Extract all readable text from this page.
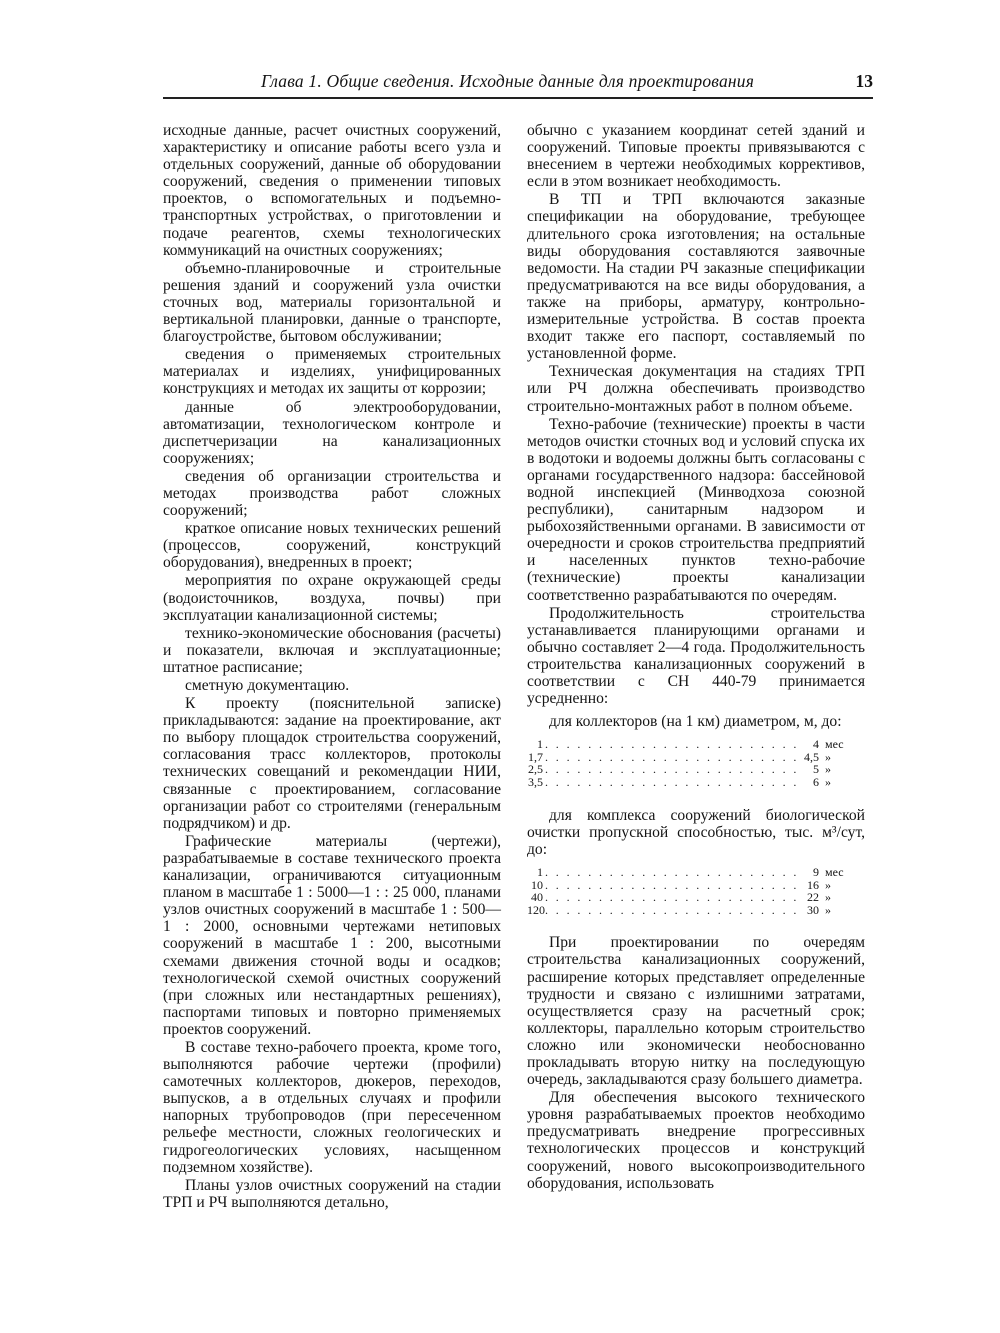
Глава 1. Общие сведения. Исходные данные для проектирования	13

исходные данные, расчет очистных сооружений, характеристику и описание работы всего узла и отдельных сооружений, данные об оборудовании сооружений, сведения о применении типовых проектов, о вспомогательных и подъемно-транспортных устройствах, о приготовлении и подаче реагентов, схемы технологических коммуникаций на очистных сооружениях;

объемно-планировочные и строительные решения зданий и сооружений узла очистки сточных вод, материалы горизонтальной и вертикальной планировки, данные о транспорте, благоустройстве, бытовом обслуживании;

сведения о применяемых строительных материалах и изделиях, унифицированных конструкциях и методах их защиты от коррозии;

данные об электрооборудовании, автоматизации, технологическом контроле и диспетчеризации на канализационных сооружениях;

сведения об организации строительства и методах производства работ сложных сооружений;

краткое описание новых технических решений (процессов, сооружений, конструкций оборудования), внедренных в проект;

мероприятия по охране окружающей среды (водоисточников, воздуха, почвы) при эксплуатации канализационной системы;

технико-экономические обоснования (расчеты) и показатели, включая и эксплуатационные; штатное расписание;

сметную документацию.

К проекту (пояснительной записке) прикладываются: задание на проектирование, акт по выбору площадок строительства сооружений, согласования трасс коллекторов, протоколы технических совещаний и рекомендации НИИ, связанные с проектированием, согласование организации работ со строителями (генеральным подрядчиком) и др.

Графические материалы (чертежи), разрабатываемые в составе технического проекта канализации, ограничиваются ситуационным планом в масштабе 1 : 5000—1 : : 25 000, планами узлов очистных сооружений в масштабе 1 : 500—1 : 2000, основными чертежами нетиповых сооружений в масштабе 1 : 200, высотными схемами движения сточной воды и осадков; технологической схемой очистных сооружений (при сложных или нестандартных решениях), паспортами типовых и повторно применяемых проектов сооружений.

В составе техно-рабочего проекта, кроме того, выполняются рабочие чертежи (профили) самотечных коллекторов, дюкеров, переходов, выпусков, а в отдельных случаях и профили напорных трубопроводов (при пересеченном рельефе местности, сложных геологических и гидрогеологических условиях, насыщенном подземном хозяйстве).

Планы узлов очистных сооружений на стадии ТРП и РЧ выполняются детально,

обычно с указанием координат сетей зданий и сооружений. Типовые проекты привязываются с внесением в чертежи необходимых коррективов, если в этом возникает необходимость.

В ТП и ТРП включаются заказные спецификации на оборудование, требующее длительного срока изготовления; на остальные виды оборудования составляются заявочные ведомости. На стадии РЧ заказные спецификации предусматриваются на все виды оборудования, а также на приборы, арматуру, контрольно-измерительные устройства. В состав проекта входит также его паспорт, составляемый по установленной форме.

Техническая документация на стадиях ТРП или РЧ должна обеспечивать производство строительно-монтажных работ в полном объеме.

Техно-рабочие (технические) проекты в части методов очистки сточных вод и условий спуска их в водотоки и водоемы должны быть согласованы с органами государственного надзора: бассейновой водной инспекцией (Минводхоза союзной республики), санитарным надзором и рыбохозяйственными органами. В зависимости от очередности и сроков строительства предприятий и населенных пунктов техно-рабочие (технические) проекты канализации соответственно разрабатываются по очередям.

Продолжительность строительства устанавливается планирующими органами и обычно составляет 2—4 года. Продолжительность строительства канализационных сооружений в соответствии с СН 440-79 принимается усредненно:

для коллекторов (на 1 км) диаметром, м, до:

1 . . .	4 мес
1,7 . . .	4,5 »
2,5 . . .	5 »
3,5 . . .	6 »

для комплекса сооружений биологической очистки пропускной способностью, тыс. м³/сут, до:

1 . . .	9 мес
10 . . .	16 »
40 . . .	22 »
120 . . .	30 »

При проектировании по очередям строительства канализационных сооружений, расширение которых представляет определенные трудности и связано с излишними затратами, осуществляется сразу на расчетный срок; коллекторы, параллельно которым строительство сложно или экономически необоснованно прокладывать вторую нитку на последующую очередь, закладываются сразу большего диаметра.

Для обеспечения высокого технического уровня разрабатываемых проектов необходимо предусматривать внедрение прогрессивных технологических процессов и конструкций сооружений, нового высокопроизводительного оборудования, использовать
